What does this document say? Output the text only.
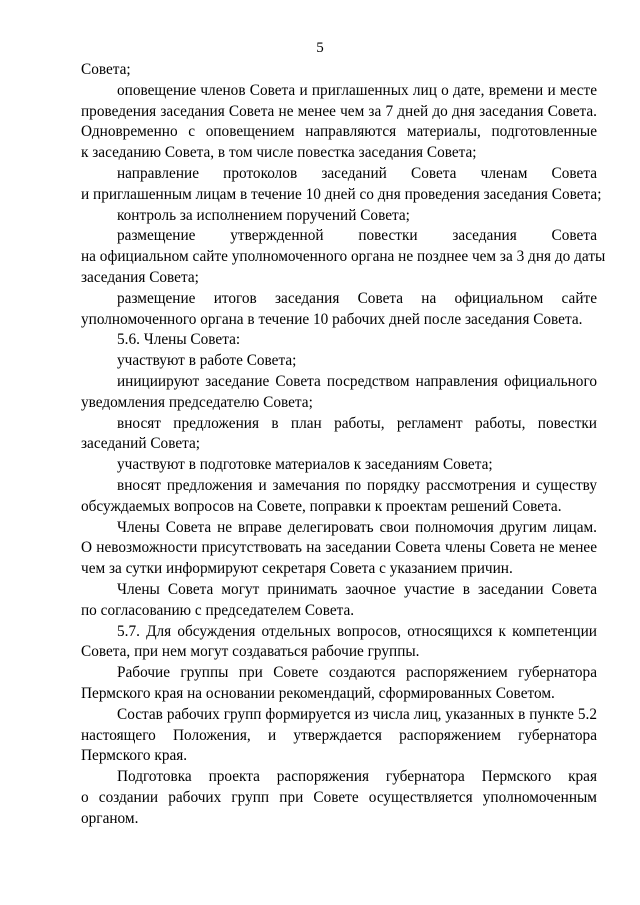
5
Совета;
оповещение членов Совета и приглашенных лиц о дате, времени и месте
проведения заседания Совета не менее чем за 7 дней до дня заседания Совета.
Одновременно с оповещением направляются материалы, подготовленные
к заседанию Совета, в том числе повестка заседания Совета;
направление протоколов заседаний Совета членам Совета
и приглашенным лицам в течение 10 дней со дня проведения заседания Совета;
контроль за исполнением поручений Совета;
размещение утвержденной повестки заседания Совета
на официальном сайте уполномоченного органа не позднее чем за 3 дня до даты
заседания Совета;
размещение итогов заседания Совета на официальном сайте
уполномоченного органа в течение 10 рабочих дней после заседания Совета.
5.6. Члены Совета:
участвуют в работе Совета;
инициируют заседание Совета посредством направления официального
уведомления председателю Совета;
вносят предложения в план работы, регламент работы, повестки
заседаний Совета;
участвуют в подготовке материалов к заседаниям Совета;
вносят предложения и замечания по порядку рассмотрения и существу
обсуждаемых вопросов на Совете, поправки к проектам решений Совета.
Члены Совета не вправе делегировать свои полномочия другим лицам.
О невозможности присутствовать на заседании Совета члены Совета не менее
чем за сутки информируют секретаря Совета с указанием причин.
Члены Совета могут принимать заочное участие в заседании Совета
по согласованию с председателем Совета.
5.7. Для обсуждения отдельных вопросов, относящихся к компетенции
Совета, при нем могут создаваться рабочие группы.
Рабочие группы при Совете создаются распоряжением губернатора
Пермского края на основании рекомендаций, сформированных Советом.
Состав рабочих групп формируется из числа лиц, указанных в пункте 5.2
настоящего Положения, и утверждается распоряжением губернатора
Пермского края.
Подготовка проекта распоряжения губернатора Пермского края
о создании рабочих групп при Совете осуществляется уполномоченным
органом.
